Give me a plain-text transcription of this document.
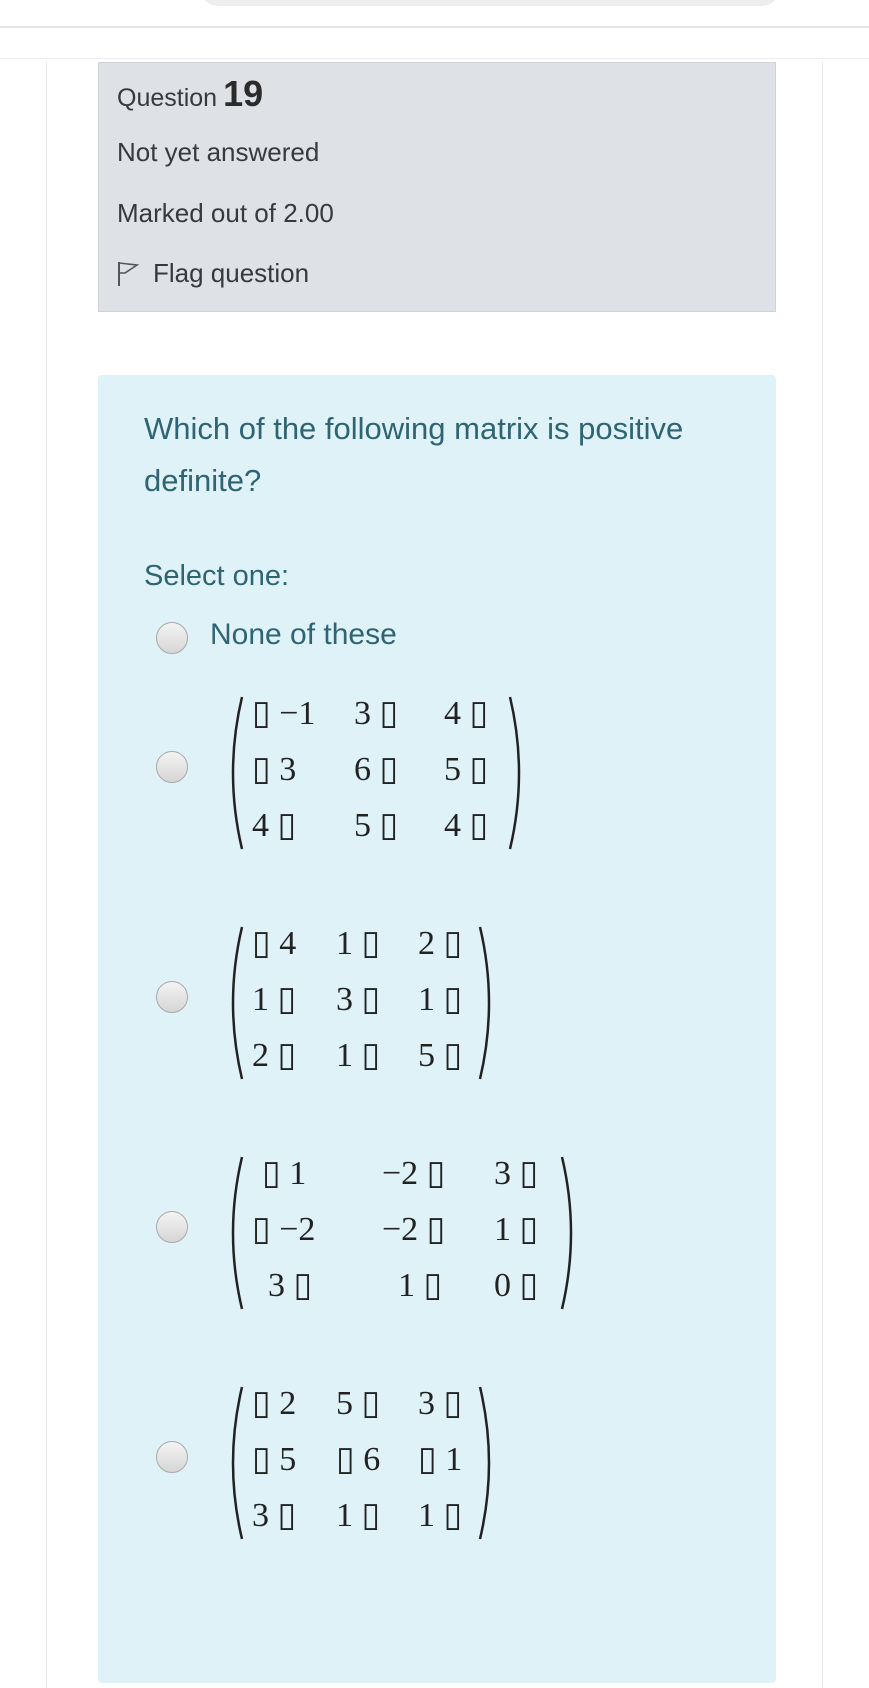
Question 19
Not yet answered
Marked out of 2.00
Flag question
Which of the following matrix is positive definite?
Select one:
None of these
▯ −1 3 ▯ 4 ▯
▯ 3 6 ▯ 5 ▯
4 ▯ 5 ▯ 4 ▯
▯ 4 1 ▯ 2 ▯
1 ▯ 3 ▯ 1 ▯
2 ▯ 1 ▯ 5 ▯
▯ 1 −2 ▯ 3 ▯
▯ −2 −2 ▯ 1 ▯
3 ▯	1 ▯ 0 ▯
▯ 2 5 ▯ 3 ▯
▯ 5 ▯ 6 ▯ 1
3 ▯ 1 ▯ 1 ▯
